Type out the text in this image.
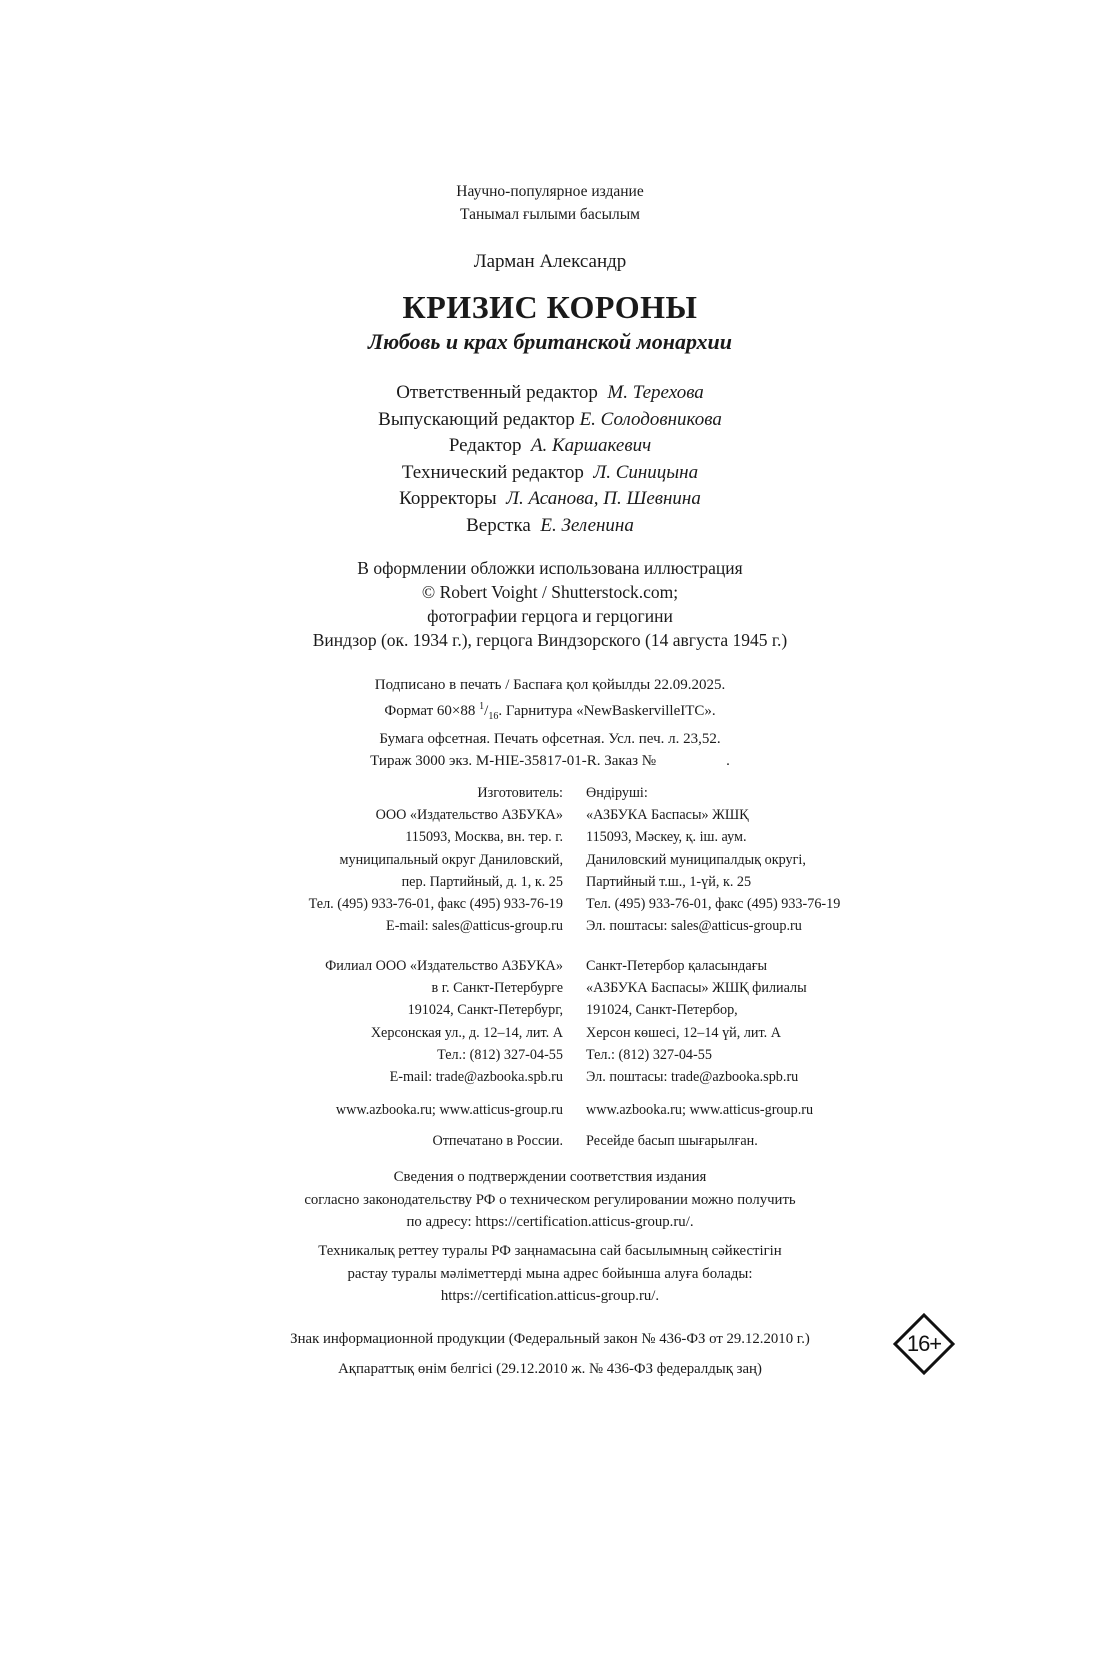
Научно-популярное издание
Танымал ғылыми басылым
Ларман Александр
КРИЗИС КОРОНЫ
Любовь и крах британской монархии
Ответственный редактор М. Терехова
Выпускающий редактор Е. Солодовникова
Редактор А. Каршакевич
Технический редактор Л. Синицына
Корректоры Л. Асанова, П. Шевнина
Верстка Е. Зеленина
В оформлении обложки использована иллюстрация
© Robert Voight / Shutterstock.com;
фотографии герцога и герцогини
Виндзор (ок. 1934 г.), герцога Виндзорского (14 августа 1945 г.)
Подписано в печать / Баспаға қол қойылды 22.09.2025.
Формат 60×88 $^1/_{16}$. Гарнитура «NewBaskervilleITC».
Бумага офсетная. Печать офсетная. Усл. печ. л. 23,52.
Тираж 3000 экз. M-HIE-35817-01-R. Заказ №	.
Изготовитель:
ООО «Издательство АЗБУКА»
115093, Москва, вн. тер. г.
муниципальный округ Даниловский,
пер. Партийный, д. 1, к. 25
Тел. (495) 933-76-01, факс (495) 933-76-19
E-mail: sales@atticus-group.ru
Өндіруші:
«АЗБУКА Баспасы» ЖШҚ
115093, Мәскеу, қ. іш. аум.
Даниловский муниципалдық округі,
Партийный т.ш., 1-үй, к. 25
Тел. (495) 933-76-01, факс (495) 933-76-19
Эл. поштасы: sales@atticus-group.ru
Филиал ООО «Издательство АЗБУКА»
в г. Санкт-Петербурге
191024, Санкт-Петербург,
Херсонская ул., д. 12–14, лит. А
Тел.: (812) 327-04-55
E-mail: trade@azbooka.spb.ru
Санкт-Петербор қаласындағы
«АЗБУКА Баспасы» ЖШҚ филиалы
191024, Санкт-Петербор,
Херсон көшесі, 12–14 үй, лит. А
Тел.: (812) 327-04-55
Эл. поштасы: trade@azbooka.spb.ru
www.azbooka.ru; www.atticus-group.ru www.azbooka.ru; www.atticus-group.ru
Отпечатано в России. Ресейде басып шығарылған.
Сведения о подтверждении соответствия издания
согласно законодательству РФ о техническом регулировании можно получить
по адресу: https://certification.atticus-group.ru/.
Техникалық реттеу туралы РФ заңнамасына сай басылымның сәйкестігін
растау туралы мәліметтерді мына адрес бойынша алуға болады:
https://certification.atticus-group.ru/.
Знак информационной продукции (Федеральный закон № 436-ФЗ от 29.12.2010 г.)
Ақпараттық өнім белгісі (29.12.2010 ж. № 436-ФЗ федералдық заң)
16+
